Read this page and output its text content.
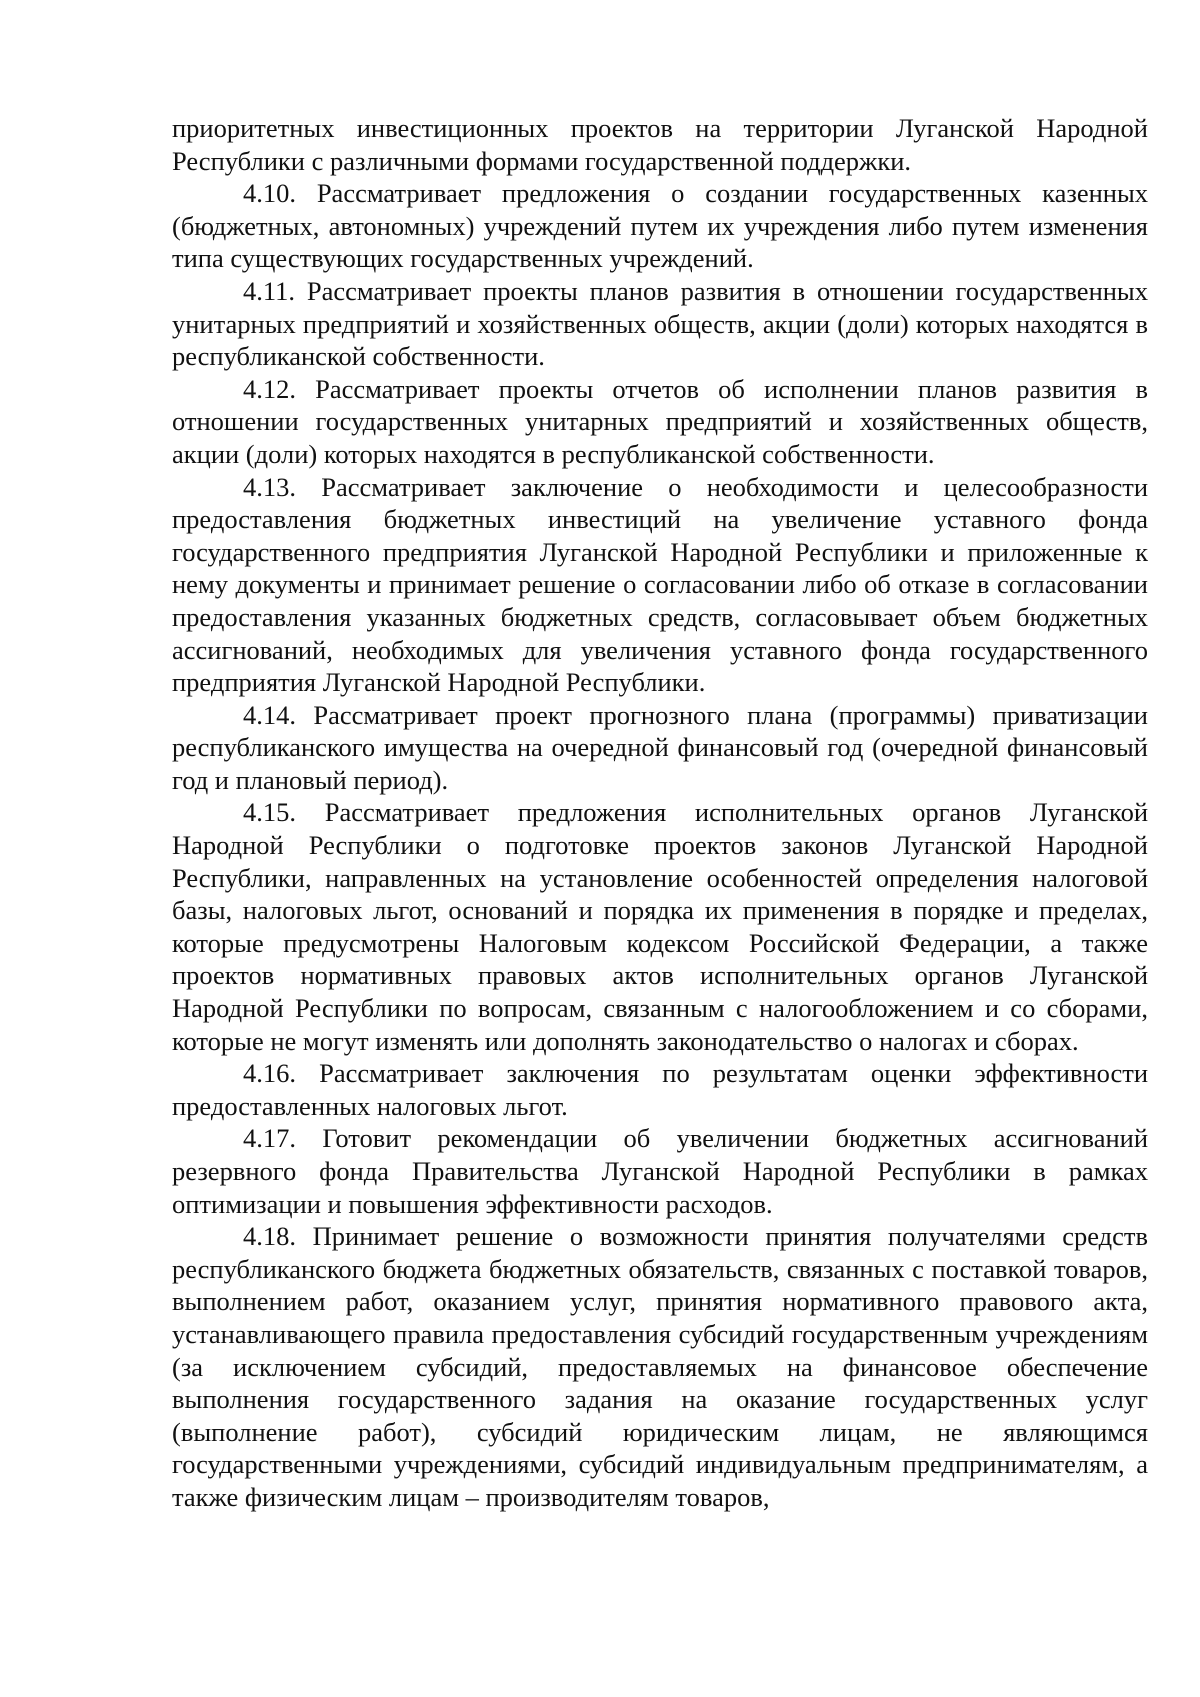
приоритетных инвестиционных проектов на территории Луганской Народной Республики с различными формами государственной поддержки.

4.10. Рассматривает предложения о создании государственных казенных (бюджетных, автономных) учреждений путем их учреждения либо путем изменения типа существующих государственных учреждений.

4.11. Рассматривает проекты планов развития в отношении государственных унитарных предприятий и хозяйственных обществ, акции (доли) которых находятся в республиканской собственности.

4.12. Рассматривает проекты отчетов об исполнении планов развития в отношении государственных унитарных предприятий и хозяйственных обществ, акции (доли) которых находятся в республиканской собственности.

4.13. Рассматривает заключение о необходимости и целесообразности предоставления бюджетных инвестиций на увеличение уставного фонда государственного предприятия Луганской Народной Республики и приложенные к нему документы и принимает решение о согласовании либо об отказе в согласовании предоставления указанных бюджетных средств, согласовывает объем бюджетных ассигнований, необходимых для увеличения уставного фонда государственного предприятия Луганской Народной Республики.

4.14. Рассматривает проект прогнозного плана (программы) приватизации республиканского имущества на очередной финансовый год (очередной финансовый год и плановый период).

4.15. Рассматривает предложения исполнительных органов Луганской Народной Республики о подготовке проектов законов Луганской Народной Республики, направленных на установление особенностей определения налоговой базы, налоговых льгот, оснований и порядка их применения в порядке и пределах, которые предусмотрены Налоговым кодексом Российской Федерации, а также проектов нормативных правовых актов исполнительных органов Луганской Народной Республики по вопросам, связанным с налогообложением и со сборами, которые не могут изменять или дополнять законодательство о налогах и сборах.

4.16. Рассматривает заключения по результатам оценки эффективности предоставленных налоговых льгот.

4.17. Готовит рекомендации об увеличении бюджетных ассигнований резервного фонда Правительства Луганской Народной Республики в рамках оптимизации и повышения эффективности расходов.

4.18. Принимает решение о возможности принятия получателями средств республиканского бюджета бюджетных обязательств, связанных с поставкой товаров, выполнением работ, оказанием услуг, принятия нормативного правового акта, устанавливающего правила предоставления субсидий государственным учреждениям (за исключением субсидий, предоставляемых на финансовое обеспечение выполнения государственного задания на оказание государственных услуг (выполнение работ), субсидий юридическим лицам, не являющимся государственными учреждениями, субсидий индивидуальным предпринимателям, а также физическим лицам – производителям товаров,
